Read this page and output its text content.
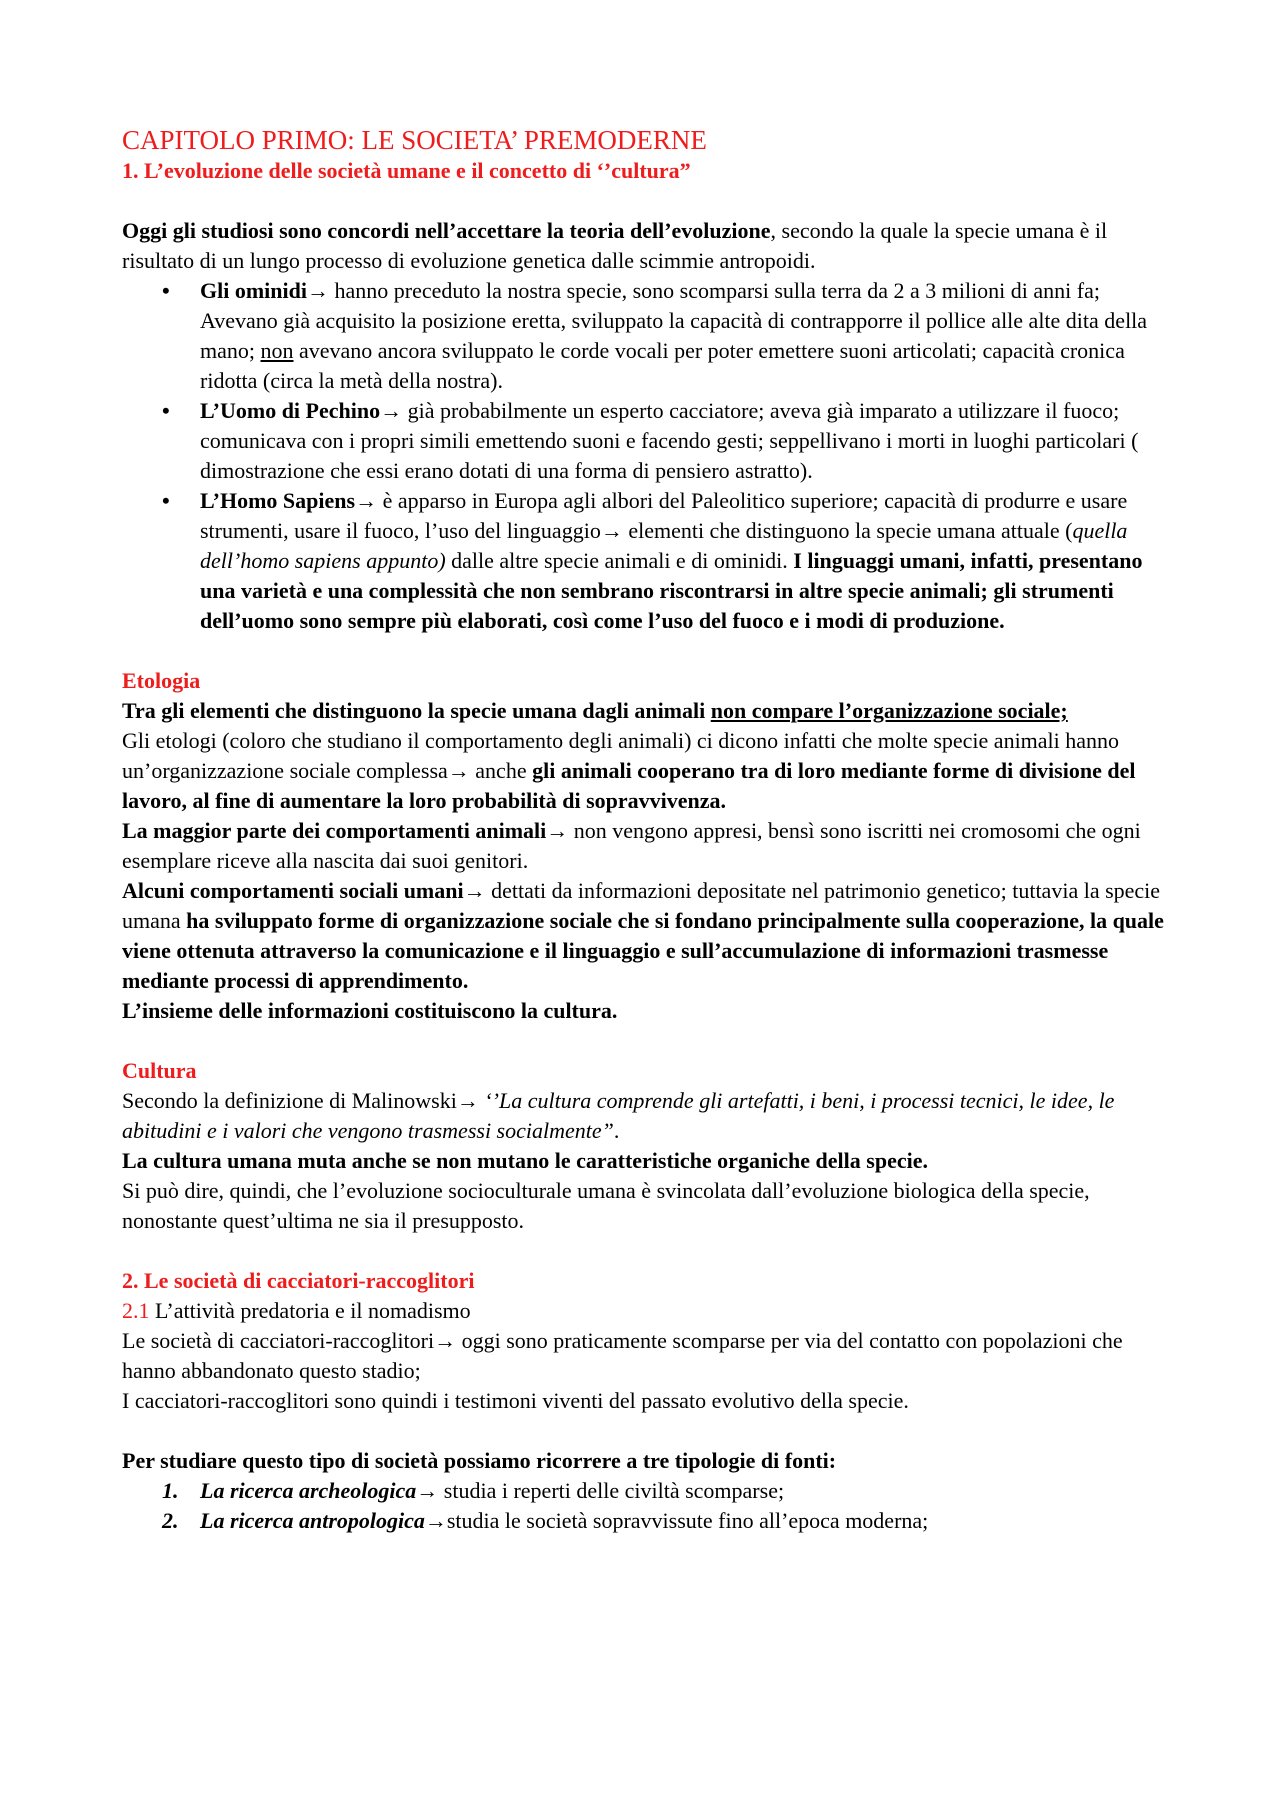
CAPITOLO PRIMO: LE SOCIETA’ PREMODERNE

1. L’evoluzione delle società umane e il concetto di ‘’cultura”

Oggi gli studiosi sono concordi nell’accettare la teoria dell’evoluzione, secondo la quale la specie umana è il risultato di un lungo processo di evoluzione genetica dalle scimmie antropoidi.

• Gli ominidi→ hanno preceduto la nostra specie, sono scomparsi sulla terra da 2 a 3 milioni di anni fa; Avevano già acquisito la posizione eretta, sviluppato la capacità di contrapporre il pollice alle alte dita della mano; non avevano ancora sviluppato le corde vocali per poter emettere suoni articolati; capacità cronica ridotta (circa la metà della nostra).
• L’Uomo di Pechino→ già probabilmente un esperto cacciatore; aveva già imparato a utilizzare il fuoco; comunicava con i propri simili emettendo suoni e facendo gesti; seppellivano i morti in luoghi particolari ( dimostrazione che essi erano dotati di una forma di pensiero astratto).
• L’Homo Sapiens→ è apparso in Europa agli albori del Paleolitico superiore; capacità di produrre e usare strumenti, usare il fuoco, l’uso del linguaggio→ elementi che distinguono la specie umana attuale (quella dell’homo sapiens appunto) dalle altre specie animali e di ominidi. I linguaggi umani, infatti, presentano una varietà e una complessità che non sembrano riscontrarsi in altre specie animali; gli strumenti dell’uomo sono sempre più elaborati, così come l’uso del fuoco e i modi di produzione.

Etologia

Tra gli elementi che distinguono la specie umana dagli animali non compare l’organizzazione sociale;

Gli etologi (coloro che studiano il comportamento degli animali) ci dicono infatti che molte specie animali hanno un’organizzazione sociale complessa→ anche gli animali cooperano tra di loro mediante forme di divisione del lavoro, al fine di aumentare la loro probabilità di sopravvivenza.

La maggior parte dei comportamenti animali→ non vengono appresi, bensì sono iscritti nei cromosomi che ogni esemplare riceve alla nascita dai suoi genitori.

Alcuni comportamenti sociali umani→ dettati da informazioni depositate nel patrimonio genetico; tuttavia la specie umana ha sviluppato forme di organizzazione sociale che si fondano principalmente sulla cooperazione, la quale viene ottenuta attraverso la comunicazione e il linguaggio e sull’accumulazione di informazioni trasmesse mediante processi di apprendimento.

L’insieme delle informazioni costituiscono la cultura.

Cultura

Secondo la definizione di Malinowski→ ‘’La cultura comprende gli artefatti, i beni, i processi tecnici, le idee, le abitudini e i valori che vengono trasmessi socialmente”.

La cultura umana muta anche se non mutano le caratteristiche organiche della specie.

Si può dire, quindi, che l’evoluzione socioculturale umana è svincolata dall’evoluzione biologica della specie, nonostante quest’ultima ne sia il presupposto.

2. Le società di cacciatori-raccoglitori

2.1 L’attività predatoria e il nomadismo

Le società di cacciatori-raccoglitori→ oggi sono praticamente scomparse per via del contatto con popolazioni che hanno abbandonato questo stadio;

I cacciatori-raccoglitori sono quindi i testimoni viventi del passato evolutivo della specie.

Per studiare questo tipo di società possiamo ricorrere a tre tipologie di fonti:

1. La ricerca archeologica→ studia i reperti delle civiltà scomparse;
2. La ricerca antropologica→studia le società sopravvissute fino all’epoca moderna;
